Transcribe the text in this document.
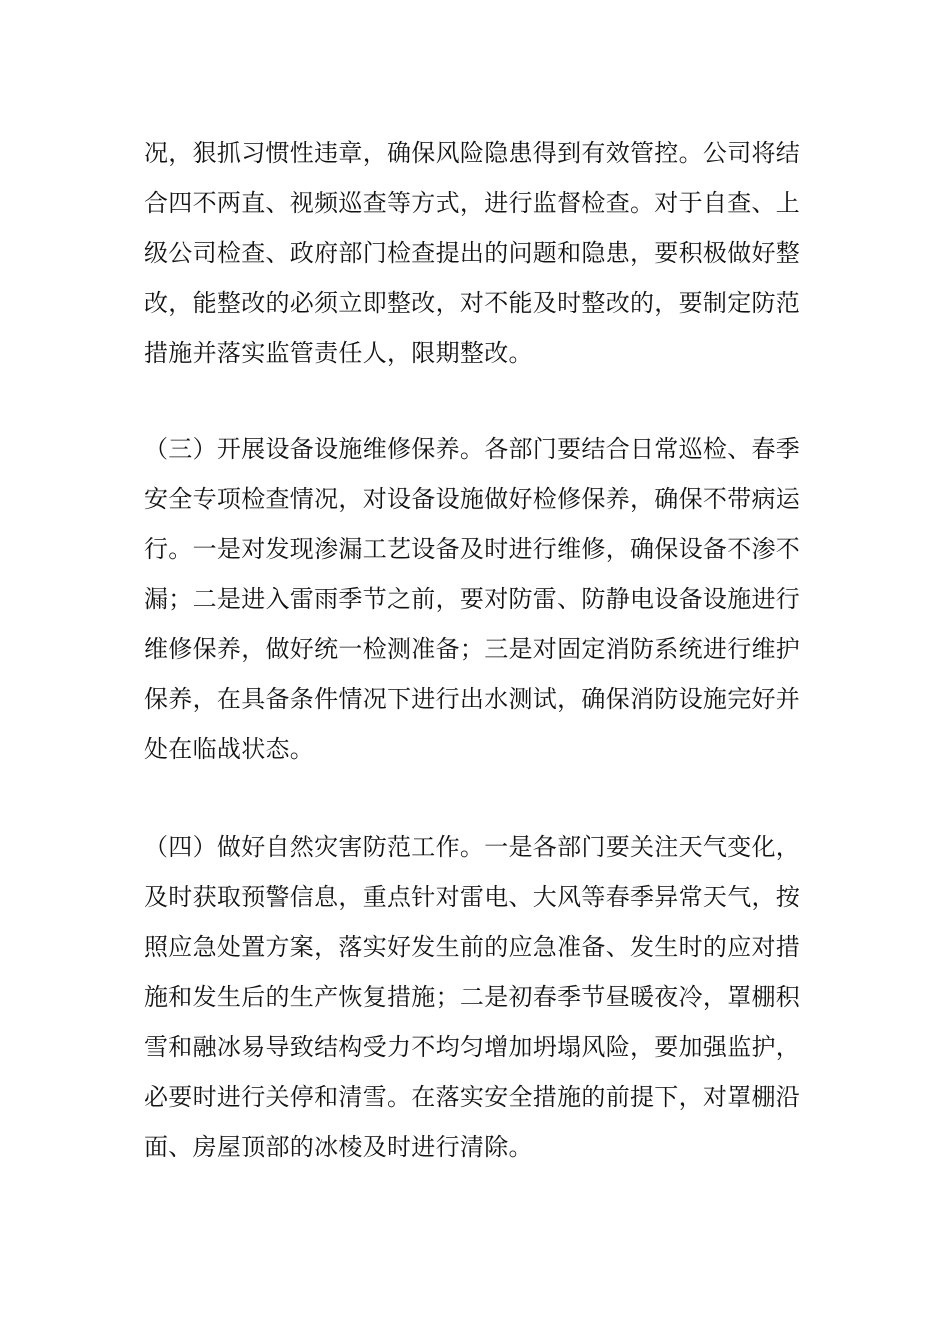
况，狠抓习惯性违章，确保风险隐患得到有效管控。公司将结
合四不两直、视频巡查等方式，进行监督检查。对于自查、上
级公司检查、政府部门检查提出的问题和隐患，要积极做好整
改，能整改的必须立即整改，对不能及时整改的，要制定防范
措施并落实监管责任人，限期整改。
（三）开展设备设施维修保养。各部门要结合日常巡检、春季
安全专项检查情况，对设备设施做好检修保养，确保不带病运
行。一是对发现渗漏工艺设备及时进行维修，确保设备不渗不
漏；二是进入雷雨季节之前，要对防雷、防静电设备设施进行
维修保养，做好统一检测准备；三是对固定消防系统进行维护
保养，在具备条件情况下进行出水测试，确保消防设施完好并
处在临战状态。
（四）做好自然灾害防范工作。一是各部门要关注天气变化，
及时获取预警信息，重点针对雷电、大风等春季异常天气，按
照应急处置方案，落实好发生前的应急准备、发生时的应对措
施和发生后的生产恢复措施；二是初春季节昼暖夜冷，罩棚积
雪和融冰易导致结构受力不均匀增加坍塌风险，要加强监护，
必要时进行关停和清雪。在落实安全措施的前提下，对罩棚沿
面、房屋顶部的冰棱及时进行清除。
